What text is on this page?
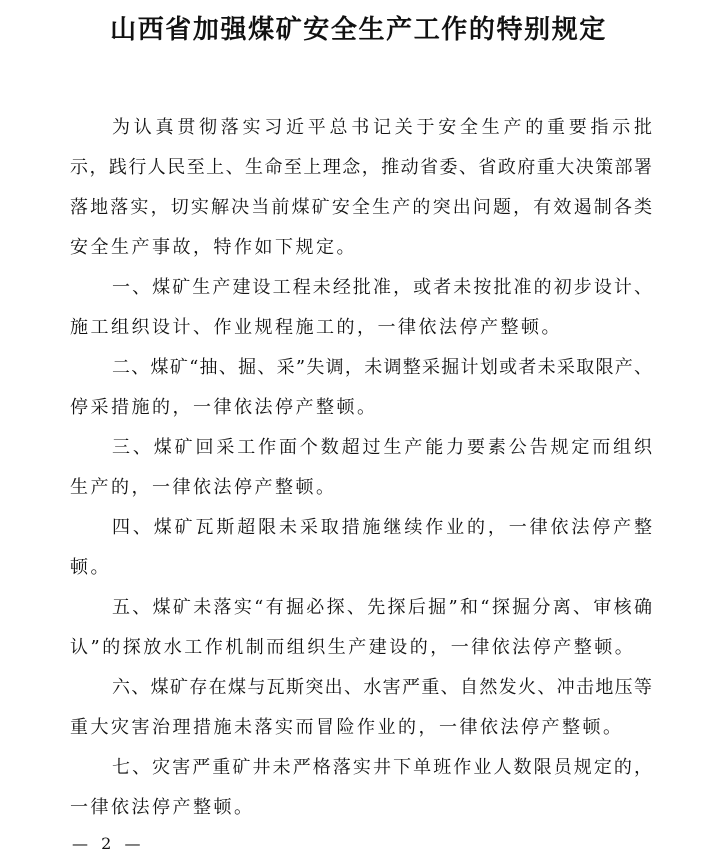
山西省加强煤矿安全生产工作的特别规定
为认真贯彻落实习近平总书记关于安全生产的重要指示批
示，践行人民至上、生命至上理念，推动省委、省政府重大决策部署
落地落实，切实解决当前煤矿安全生产的突出问题，有效遏制各类
安全生产事故，特作如下规定。
一、煤矿生产建设工程未经批准，或者未按批准的初步设计、
施工组织设计、作业规程施工的，一律依法停产整顿。
二、煤矿“抽、掘、采”失调，未调整采掘计划或者未采取限产、
停采措施的，一律依法停产整顿。
三、煤矿回采工作面个数超过生产能力要素公告规定而组织
生产的，一律依法停产整顿。
四、煤矿瓦斯超限未采取措施继续作业的，一律依法停产整
顿。
五、煤矿未落实“有掘必探、先探后掘”和“探掘分离、审核确
认”的探放水工作机制而组织生产建设的，一律依法停产整顿。
六、煤矿存在煤与瓦斯突出、水害严重、自然发火、冲击地压等
重大灾害治理措施未落实而冒险作业的，一律依法停产整顿。
七、灾害严重矿井未严格落实井下单班作业人数限员规定的，
一律依法停产整顿。
—  2  —
